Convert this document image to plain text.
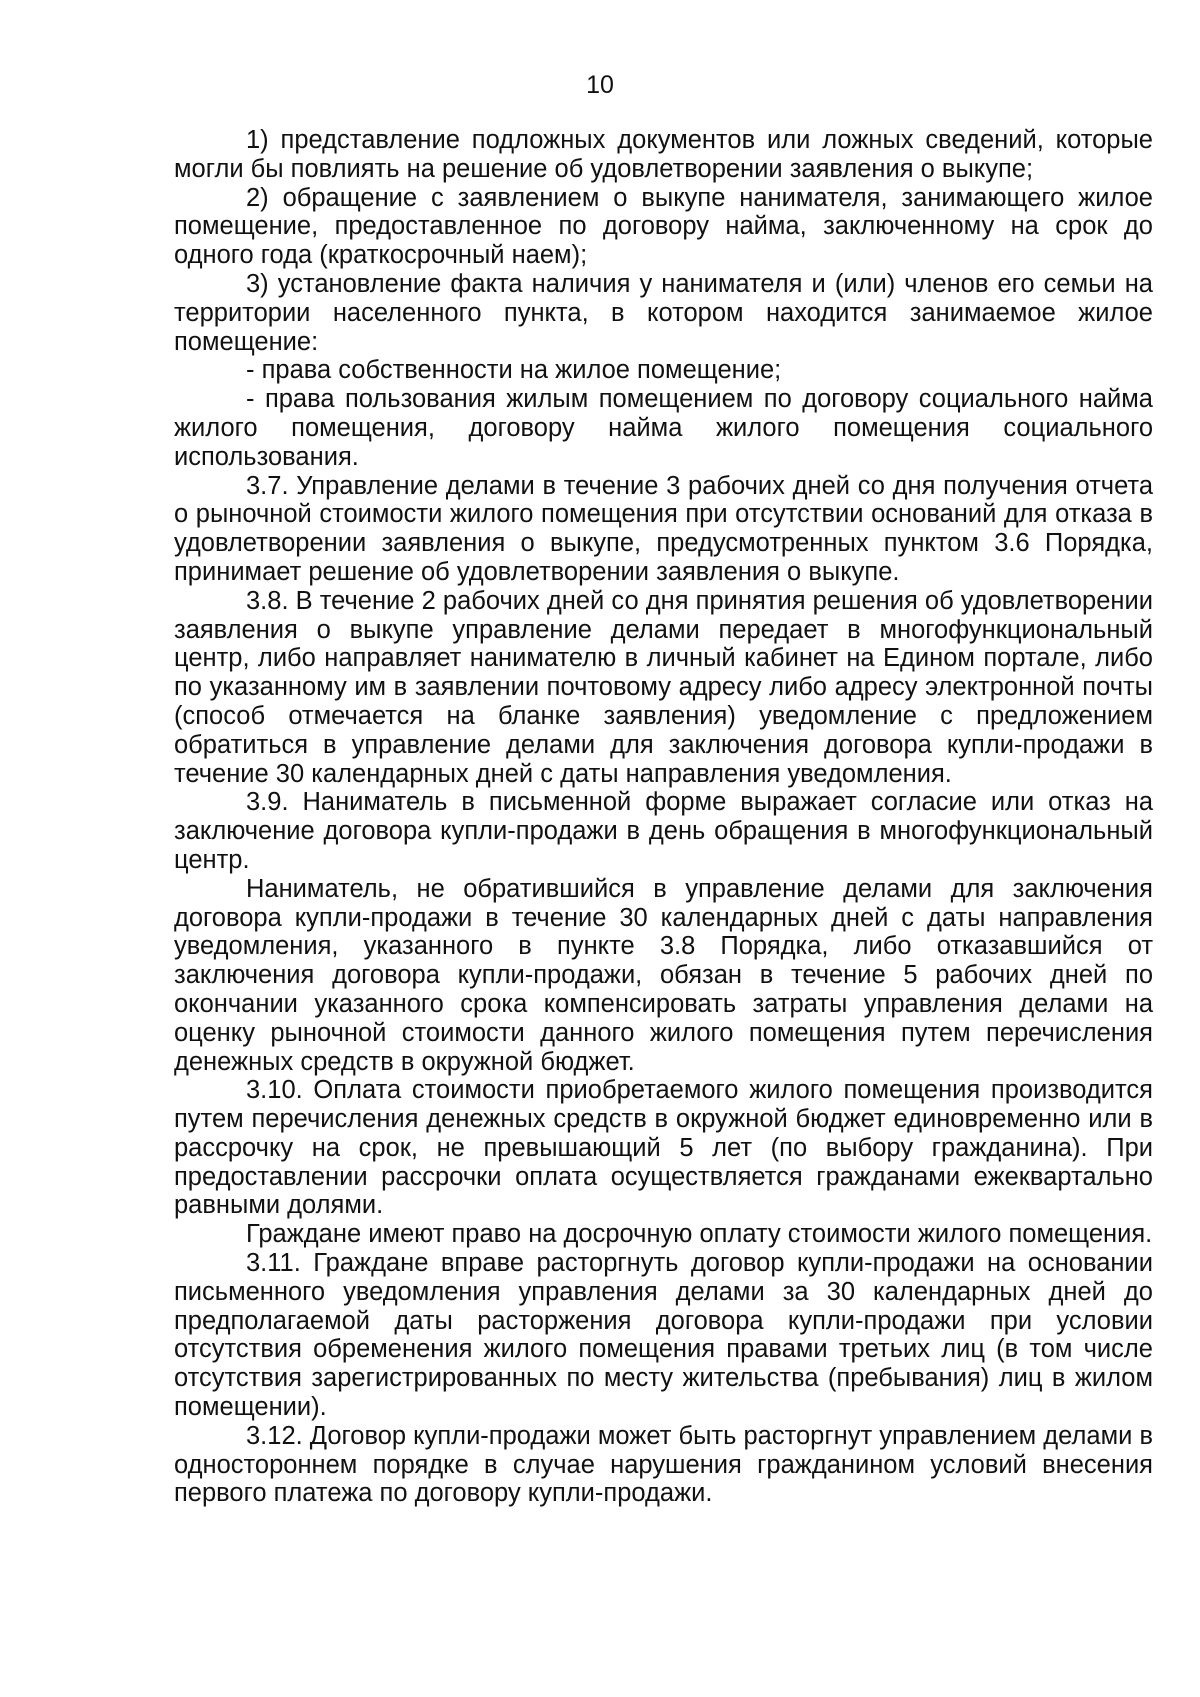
10

1) представление подложных документов или ложных сведений, которые могли бы повлиять на решение об удовлетворении заявления о выкупе;

2) обращение с заявлением о выкупе нанимателя, занимающего жилое помещение, предоставленное по договору найма, заключенному на срок до одного года (краткосрочный наем);

3) установление факта наличия у нанимателя и (или) членов его семьи на территории населенного пункта, в котором находится занимаемое жилое помещение:

- права собственности на жилое помещение;

- права пользования жилым помещением по договору социального найма жилого помещения, договору найма жилого помещения социального использования.

3.7. Управление делами в течение 3 рабочих дней со дня получения отчета о рыночной стоимости жилого помещения при отсутствии оснований для отказа в удовлетворении заявления о выкупе, предусмотренных пунктом 3.6 Порядка, принимает решение об удовлетворении заявления о выкупе.

3.8. В течение 2 рабочих дней со дня принятия решения об удовлетворении заявления о выкупе управление делами передает в многофункциональный центр, либо направляет нанимателю в личный кабинет на Едином портале, либо по указанному им в заявлении почтовому адресу либо адресу электронной почты (способ отмечается на бланке заявления) уведомление с предложением обратиться в управление делами для заключения договора купли-продажи в течение 30 календарных дней с даты направления уведомления.

3.9. Наниматель в письменной форме выражает согласие или отказ на заключение договора купли-продажи в день обращения в многофункциональный центр.

Наниматель, не обратившийся в управление делами для заключения договора купли-продажи в течение 30 календарных дней с даты направления уведомления, указанного в пункте 3.8 Порядка, либо отказавшийся от заключения договора купли-продажи, обязан в течение 5 рабочих дней по окончании указанного срока компенсировать затраты управления делами на оценку рыночной стоимости данного жилого помещения путем перечисления денежных средств в окружной бюджет.

3.10. Оплата стоимости приобретаемого жилого помещения производится путем перечисления денежных средств в окружной бюджет единовременно или в рассрочку на срок, не превышающий 5 лет (по выбору гражданина). При предоставлении рассрочки оплата осуществляется гражданами ежеквартально равными долями.

Граждане имеют право на досрочную оплату стоимости жилого помещения.

3.11. Граждане вправе расторгнуть договор купли-продажи на основании письменного уведомления управления делами за 30 календарных дней до предполагаемой даты расторжения договора купли-продажи при условии отсутствия обременения жилого помещения правами третьих лиц (в том числе отсутствия зарегистрированных по месту жительства (пребывания) лиц в жилом помещении).

3.12. Договор купли-продажи может быть расторгнут управлением делами в одностороннем порядке в случае нарушения гражданином условий внесения первого платежа по договору купли-продажи.
